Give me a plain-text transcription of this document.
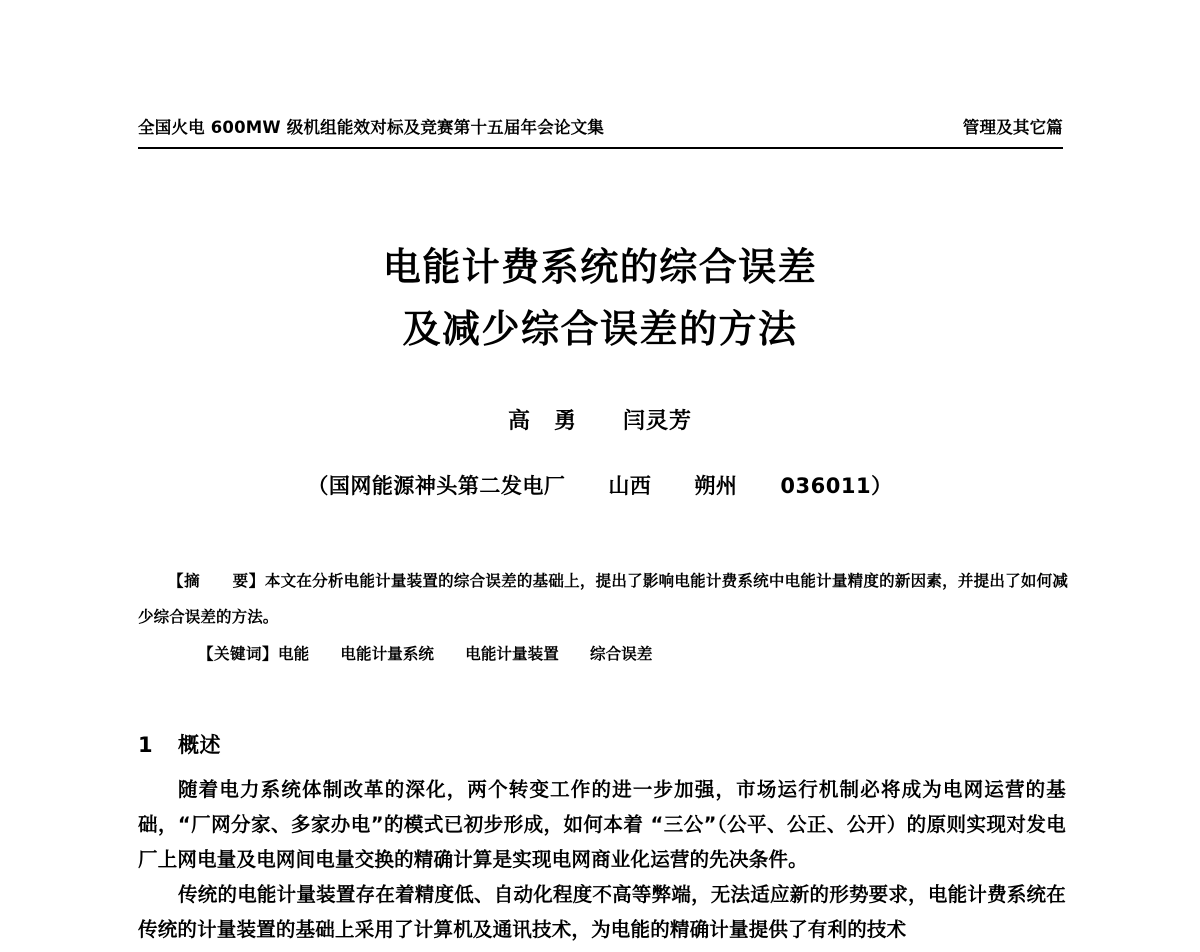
全国火电 600MW 级机组能效对标及竞赛第十五届年会论文集	管理及其它篇
电能计费系统的综合误差
及减少综合误差的方法
高　勇　　闫灵芳
（国网能源神头第二发电厂　　山西　　朔州　　036011）

【摘　　要】本文在分析电能计量装置的综合误差的基础上，提出了影响电能计费系统中电能计量精度的新因素，并提出了如何减少综合误差的方法。

【关键词】电能　　电能计量系统　　电能计量装置　　综合误差

1 概述

随着电力系统体制改革的深化，两个转变工作的进一步加强，市场运行机制必将成为电网运营的基础，“厂网分家、多家办电”的模式已初步形成，如何本着 “三公”（公平、公正、公开）的原则实现对发电厂上网电量及电网间电量交换的精确计算是实现电网商业化运营的先决条件。

传统的电能计量装置存在着精度低、自动化程度不高等弊端，无法适应新的形势要求，电能计费系统在传统的计量装置的基础上采用了计算机及通讯技术，为电能的精确计量提供了有利的技术
